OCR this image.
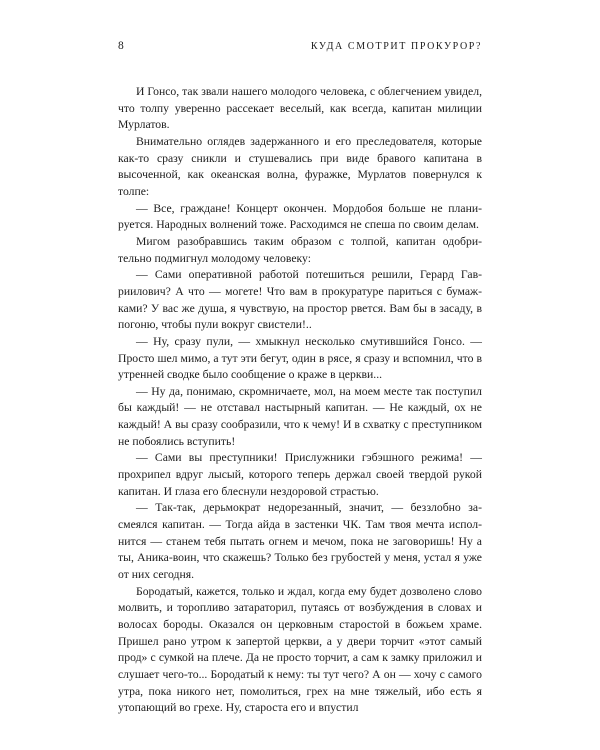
8	КУДА СМОТРИТ ПРОКУРОР?

И Гонсо, так звали нашего молодого человека, с облегчением увидел, что толпу уверенно рассекает веселый, как всегда, капитан милиции Мурлатов.

Внимательно оглядев задержанного и его преследователя, которые как-то сразу сникли и стушевались при виде бравого капитана в высоченной, как океанская волна, фуражке, Мурлатов повернулся к толпе:

— Все, граждане! Концерт окончен. Мордобоя больше не планируется. Народных волнений тоже. Расходимся не спеша по своим делам.

Мигом разобравшись таким образом с толпой, капитан одобрительно подмигнул молодому человеку:

— Сами оперативной работой потешиться решили, Герард Гавриилович? А что — могете! Что вам в прокуратуре париться с бумажками? У вас же душа, я чувствую, на простор рвется. Вам бы в засаду, в погоню, чтобы пули вокруг свистели!..

— Ну, сразу пули, — хмыкнул несколько смутившийся Гонсо. — Просто шел мимо, а тут эти бегут, один в рясе, я сразу и вспомнил, что в утренней сводке было сообщение о краже в церкви...

— Ну да, понимаю, скромничаете, мол, на моем месте так поступил бы каждый! — не отставал настырный капитан. — Не каждый, ох не каждый! А вы сразу сообразили, что к чему! И в схватку с преступником не побоялись вступить!

— Сами вы преступники! Прислужники гэбэшного режима! — прохрипел вдруг лысый, которого теперь держал своей твердой рукой капитан. И глаза его блеснули нездоровой страстью.

— Так-так, дерьмократ недорезанный, значит, — беззлобно засмеялся капитан. — Тогда айда в застенки ЧК. Там твоя мечта исполнится — станем тебя пытать огнем и мечом, пока не заговоришь! Ну а ты, Аника-воин, что скажешь? Только без грубостей у меня, устал я уже от них сегодня.

Бородатый, кажется, только и ждал, когда ему будет дозволено слово молвить, и торопливо затараторил, путаясь от возбуждения в словах и волосах бороды. Оказался он церковным старостой в божьем храме. Пришел рано утром к запертой церкви, а у двери торчит «этот самый прод» с сумкой на плече. Да не просто торчит, а сам к замку приложил и слушает чего-то... Бородатый к нему: ты тут чего? А он — хочу с самого утра, пока никого нет, помолиться, грех на мне тяжелый, ибо есть я утопающий во грехе. Ну, староста его и впустил
